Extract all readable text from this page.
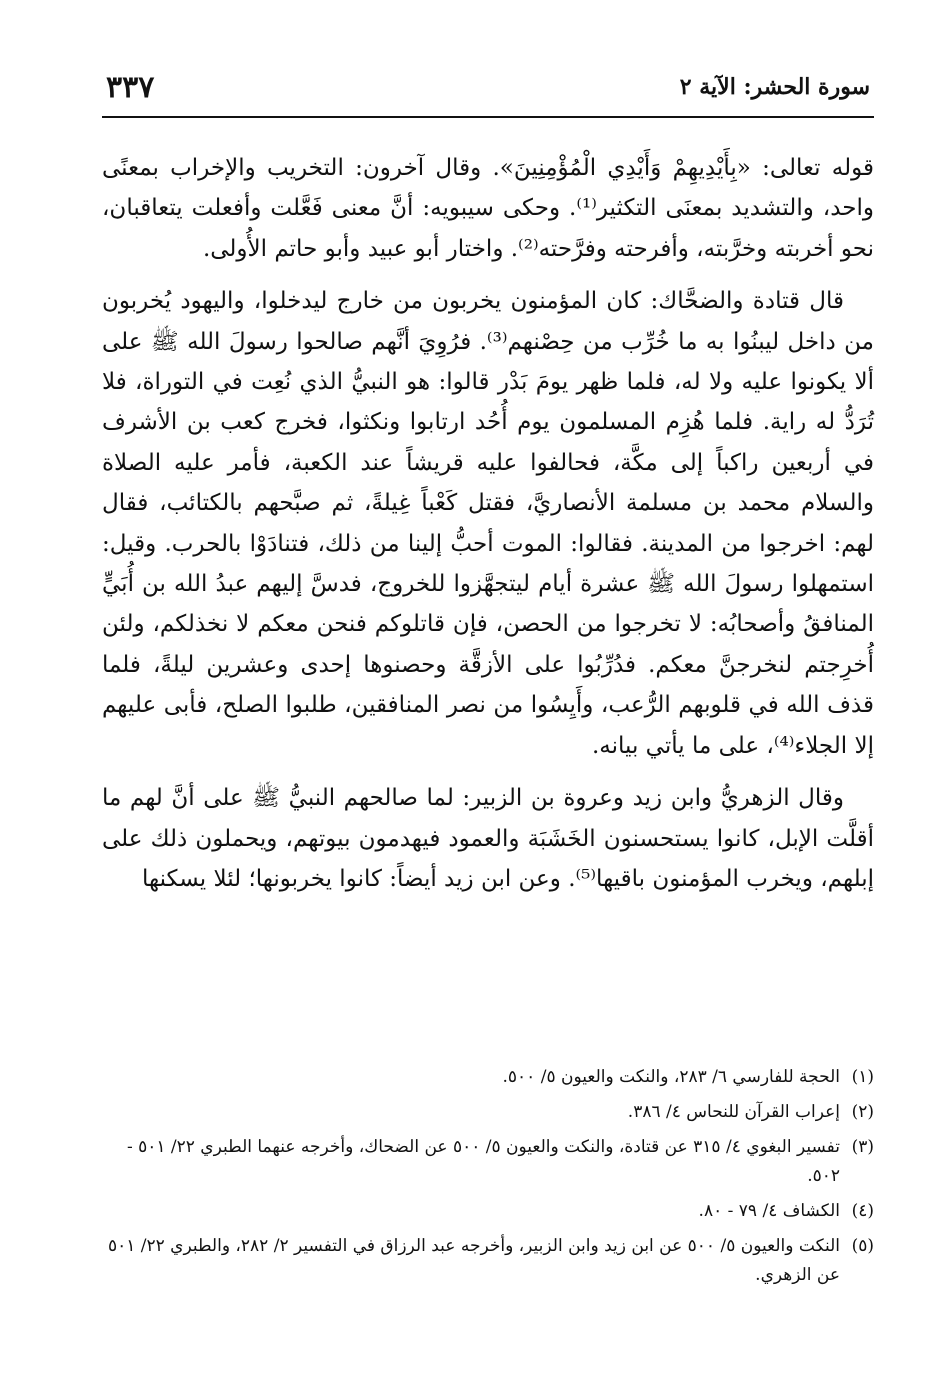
سورة الحشر: الآية ٢
٣٣٧

قوله تعالى: «بِأَيْدِيهِمْ وَأَيْدِي الْمُؤْمِنِينَ». وقال آخرون: التخريب والإخراب بمعنًى واحد، والتشديد بمعنَى التكثير⁽¹⁾. وحكى سيبويه: أنَّ معنى فَعَّلت وأفعلت يتعاقبان، نحو أخربته وخرَّبته، وأفرحته وفرَّحته⁽²⁾. واختار أبو عبيد وأبو حاتم الأُولى.

قال قتادة والضحَّاك: كان المؤمنون يخربون من خارج ليدخلوا، واليهود يُخربون من داخل ليبنُوا به ما خُرِّب من حِصْنهم⁽³⁾. فرُوِيَ أنَّهم صالحوا رسولَ الله ﷺ على ألا يكونوا عليه ولا له، فلما ظهر يومَ بَدْر قالوا: هو النبيُّ الذي نُعِت في التوراة، فلا تُرَدُّ له راية. فلما هُزِم المسلمون يوم أُحُد ارتابوا ونكثوا، فخرج كعب بن الأشرف في أربعين راكباً إلى مكَّة، فحالفوا عليه قريشاً عند الكعبة، فأمر عليه الصلاة والسلام محمد بن مسلمة الأنصاريَّ، فقتل كَعْباً غِيلةً، ثم صبَّحهم بالكتائب، فقال لهم: اخرجوا من المدينة. فقالوا: الموت أحبُّ إلينا من ذلك، فتنادَوْا بالحرب. وقيل: استمهلوا رسولَ الله ﷺ عشرة أيام ليتجهَّزوا للخروج، فدسَّ إليهم عبدُ الله بن أُبَيٍّ المنافقُ وأصحابُه: لا تخرجوا من الحصن، فإن قاتلوكم فنحن معكم لا نخذلكم، ولئن أُخرِجتم لنخرجنَّ معكم. فدُرِّبُوا على الأزقَّة وحصنوها إحدى وعشرين ليلةً، فلما قذف الله في قلوبهم الرُّعب، وأَيِسُوا من نصر المنافقين، طلبوا الصلح، فأبى عليهم إلا الجلاء⁽⁴⁾، على ما يأتي بيانه.

وقال الزهريُّ وابن زيد وعروة بن الزبير: لما صالحهم النبيُّ ﷺ على أنَّ لهم ما أقلَّت الإبل، كانوا يستحسنون الخَشَبَة والعمود فيهدمون بيوتهم، ويحملون ذلك على إبلهم، ويخرب المؤمنون باقيها⁽⁵⁾. وعن ابن زيد أيضاً: كانوا يخربونها؛ لئلا يسكنها

(١)
الحجة للفارسي ٦/ ٢٨٣، والنكت والعيون ٥/ ٥٠٠.
(٢)
إعراب القرآن للنحاس ٤/ ٣٨٦.
(٣)
تفسير البغوي ٤/ ٣١٥ عن قتادة، والنكت والعيون ٥/ ٥٠٠ عن الضحاك، وأخرجه عنهما الطبري ٢٢/ ٥٠١ - ٥٠٢.
(٤)
الكشاف ٤/ ٧٩ - ٨٠.
(٥)
النكت والعيون ٥/ ٥٠٠ عن ابن زيد وابن الزبير، وأخرجه عبد الرزاق في التفسير ٢/ ٢٨٢، والطبري ٢٢/ ٥٠١ عن الزهري.
